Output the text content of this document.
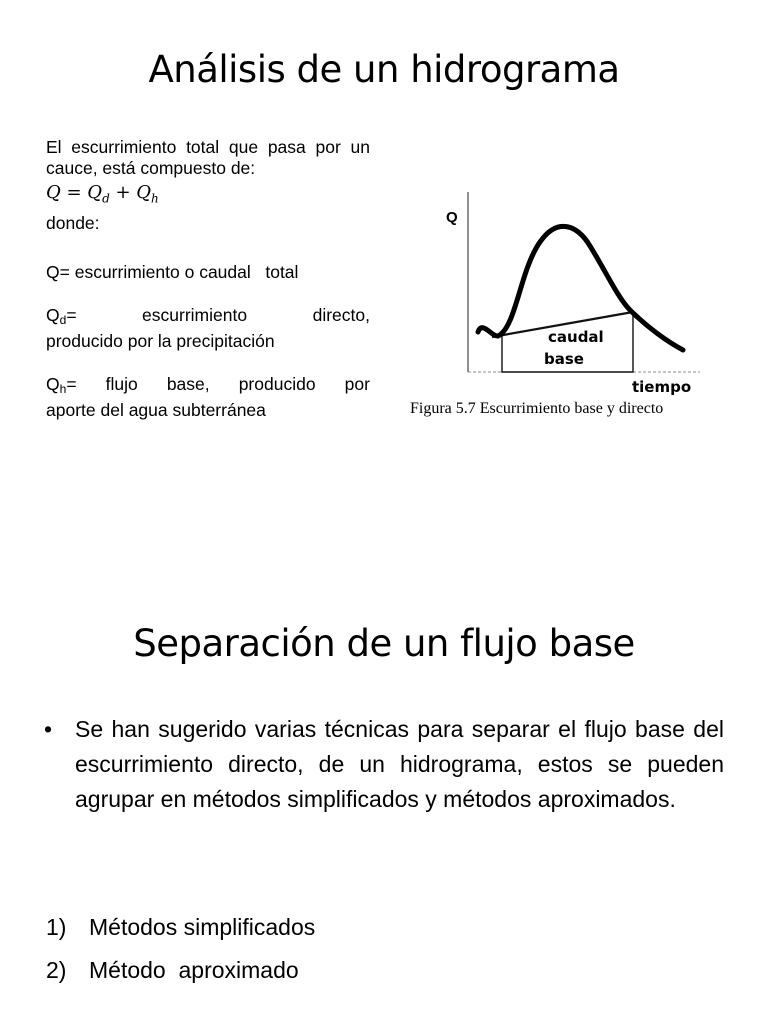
Análisis de un hidrograma

El escurrimiento total que pasa por un cauce, está compuesto de:

$Q = Q_d + Q_h$

donde:

Q= escurrimiento o caudal   total

$Q_d=$	escurrimiento	directo,
producido por la precipitación
$Q_h=$ flujo base, producido por
aporte del agua subterránea
Q
caudal
base
tiempo
Figura 5.7 Escurrimiento base y directo
Separación de un flujo base
• Se han sugerido varias técnicas para separar el flujo base del escurrimiento directo, de un hidrograma, estos se pueden agrupar en métodos simplificados y métodos aproximados.
1) Métodos simplificados
2) Método  aproximado
